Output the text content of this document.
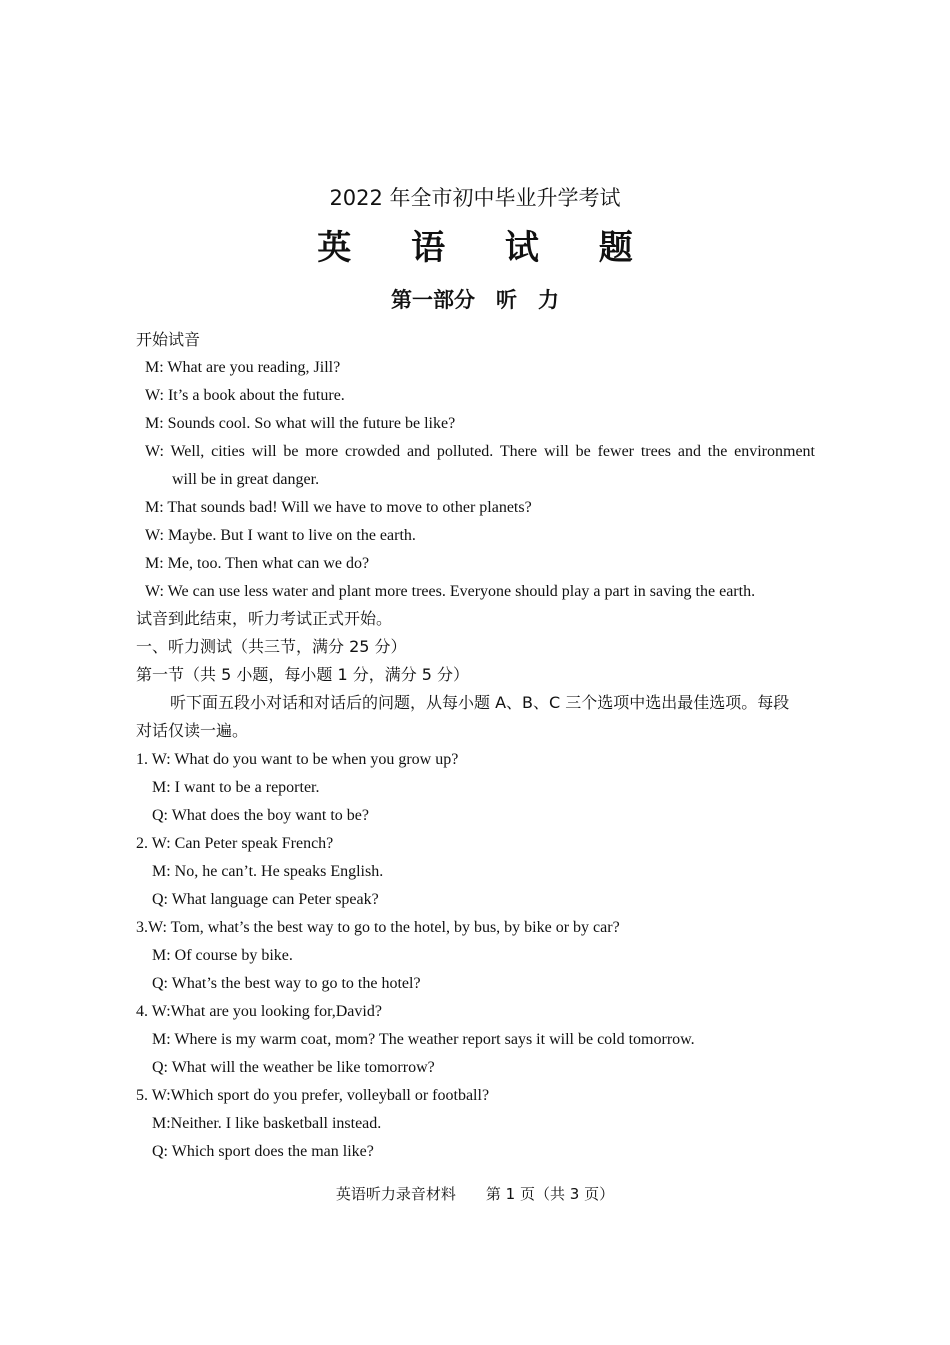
2022 年全市初中毕业升学考试
英 语 试 题
第一部分　听　力
开始试音
M: What are you reading, Jill?
W: It’s a book about the future.
M: Sounds cool. So what will the future be like?
W: Well, cities will be more crowded and polluted. There will be fewer trees and the environment
will be in great danger.
M: That sounds bad! Will we have to move to other planets?
W: Maybe. But I want to live on the earth.
M: Me, too. Then what can we do?
W: We can use less water and plant more trees. Everyone should play a part in saving the earth.
试音到此结束，听力考试正式开始。
一、听力测试（共三节，满分 25 分）
第一节（共 5 小题，每小题 1 分，满分 5 分）
听下面五段小对话和对话后的问题，从每小题 A、B、C 三个选项中选出最佳选项。每段
对话仅读一遍。
1. W: What do you want to be when you grow up?
M: I want to be a reporter.
Q: What does the boy want to be?
2. W: Can Peter speak French?
M: No, he can’t. He speaks English.
Q: What language can Peter speak?
3.W: Tom, what’s the best way to go to the hotel, by bus, by bike or by car?
M: Of course by bike.
Q: What’s the best way to go to the hotel?
4. W:What are you looking for,David?
M: Where is my warm coat, mom? The weather report says it will be cold tomorrow.
Q: What will the weather be like tomorrow?
5. W:Which sport do you prefer, volleyball or football?
M:Neither. I like basketball instead.
Q: Which sport does the man like?
英语听力录音材料　　第 1 页（共 3 页）
